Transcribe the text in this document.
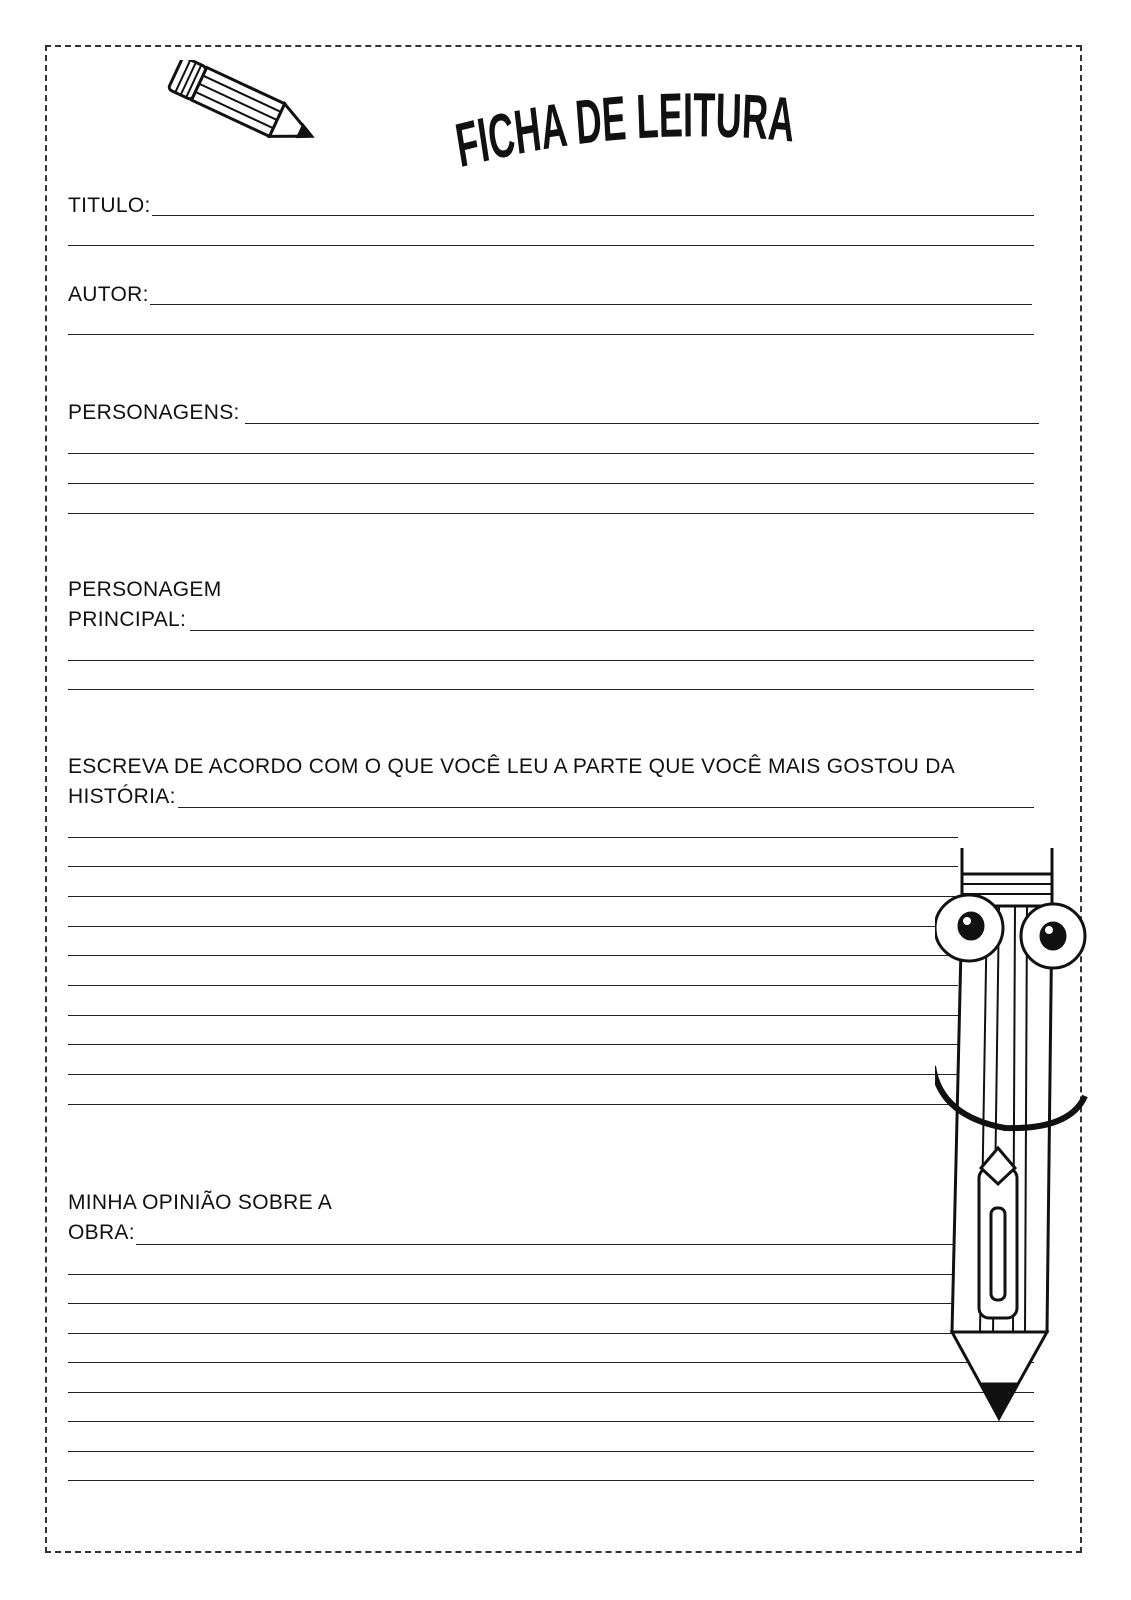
FICHA DE LEITURA
TITULO:
AUTOR:
PERSONAGENS:
PERSONAGEM
PRINCIPAL:
ESCREVA DE ACORDO COM O QUE VOCÊ LEU A PARTE QUE VOCÊ MAIS GOSTOU DA
HISTÓRIA:
MINHA OPINIÃO SOBRE A
OBRA:
